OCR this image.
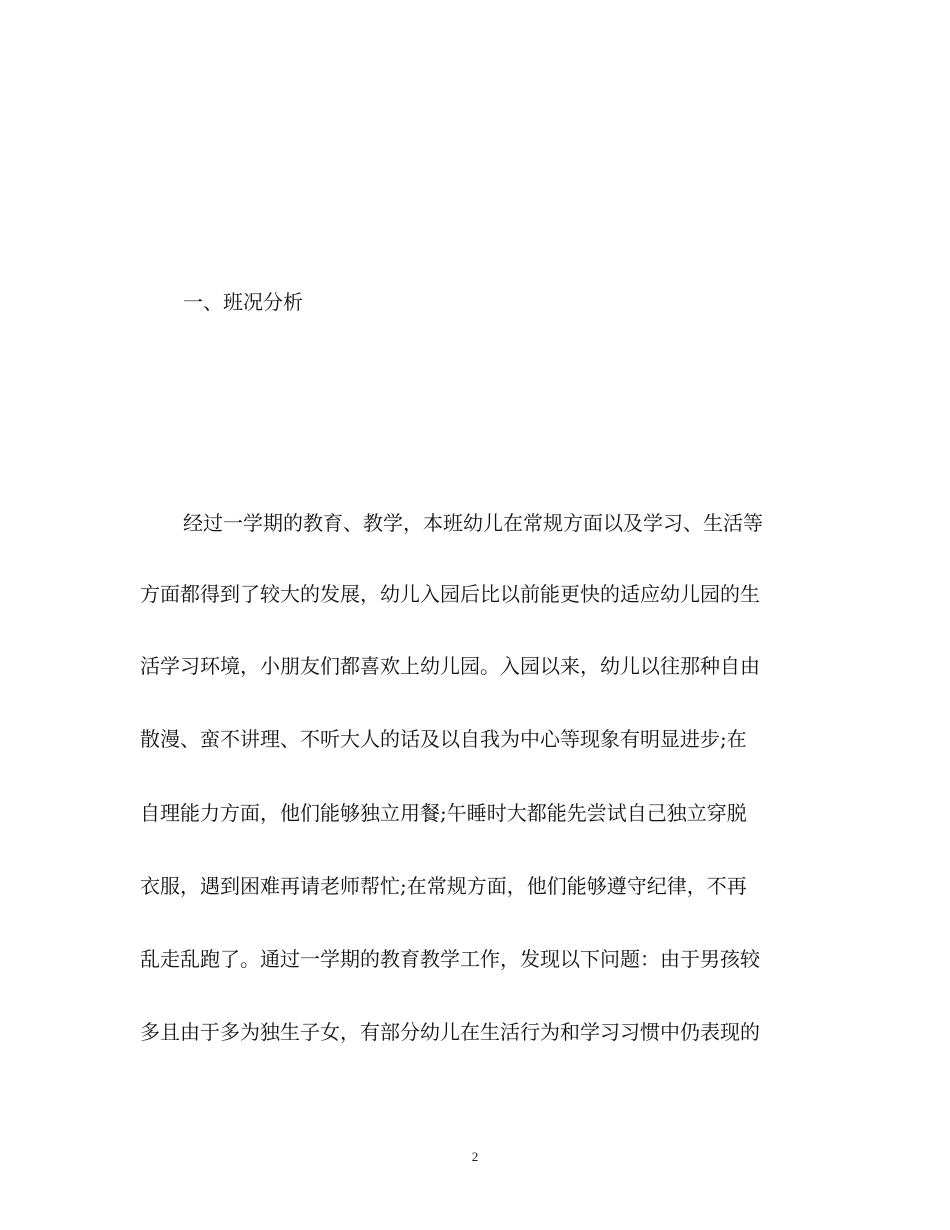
一、班况分析
经过一学期的教育、教学，本班幼儿在常规方面以及学习、生活等
方面都得到了较大的发展，幼儿入园后比以前能更快的适应幼儿园的生
活学习环境，小朋友们都喜欢上幼儿园。入园以来，幼儿以往那种自由
散漫、蛮不讲理、不听大人的话及以自我为中心等现象有明显进步;在
自理能力方面，他们能够独立用餐;午睡时大都能先尝试自己独立穿脱
衣服，遇到困难再请老师帮忙;在常规方面，他们能够遵守纪律，不再
乱走乱跑了。通过一学期的教育教学工作，发现以下问题：由于男孩较
多且由于多为独生子女，有部分幼儿在生活行为和学习习惯中仍表现的
2
